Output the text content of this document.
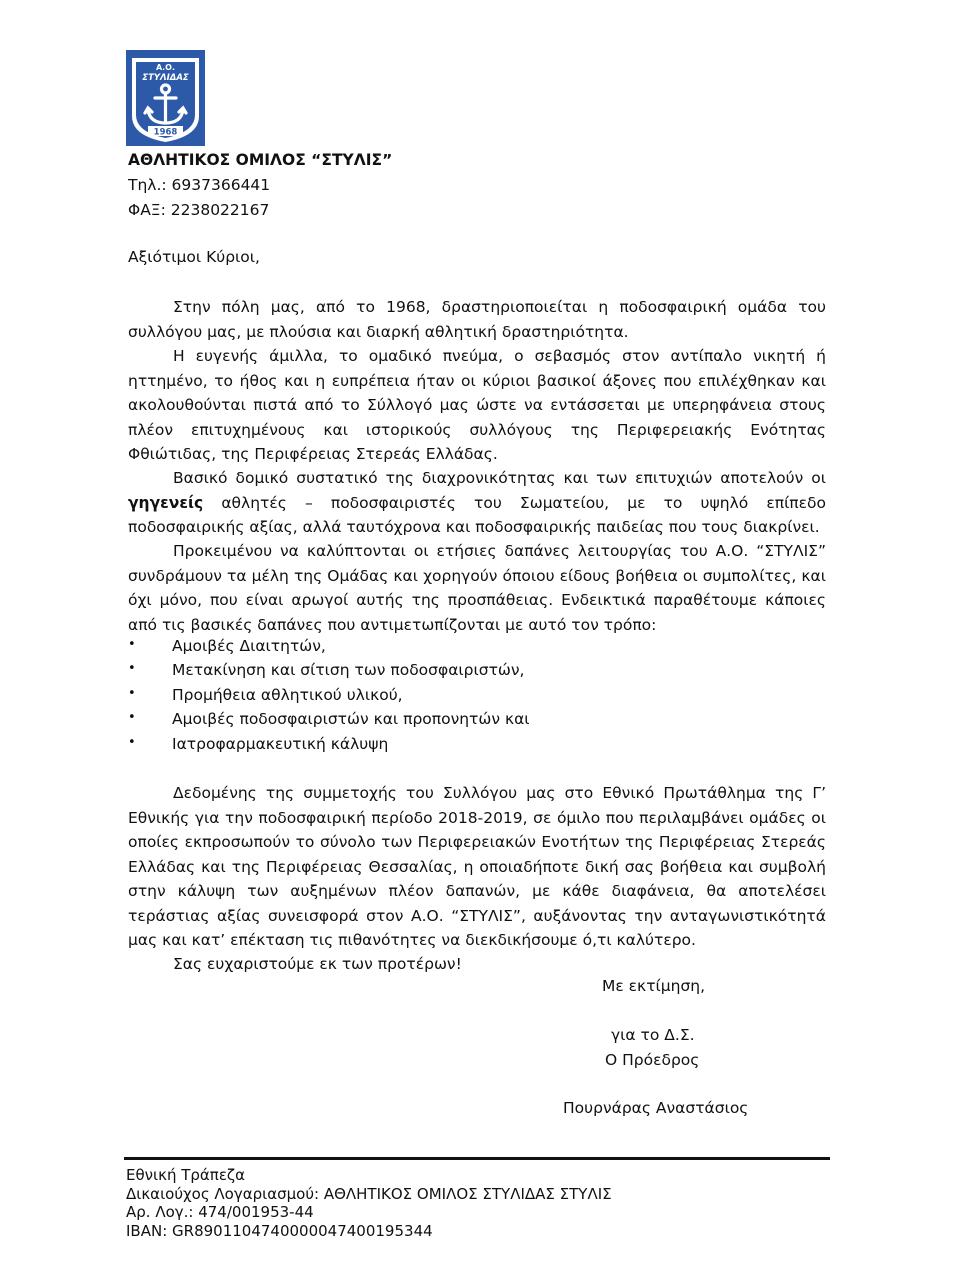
Α.Ο.
ΣΤΥΛΙΔΑΣ
1968
ΑΘΛΗΤΙΚΟΣ ΟΜΙΛΟΣ “ΣΤΥΛΙΣ”
Τηλ.: 6937366441
ΦΑΞ: 2238022167
Αξιότιμοι Κύριοι,
Στην πόλη μας, από το 1968, δραστηριοποιείται η ποδοσφαιρική ομάδα του συλλόγου μας, με πλούσια και διαρκή αθλητική δραστηριότητα.
Η ευγενής άμιλλα, το ομαδικό πνεύμα, ο σεβασμός στον αντίπαλο νικητή ή ηττημένο, το ήθος και η ευπρέπεια ήταν οι κύριοι βασικοί άξονες που επιλέχθηκαν και ακολουθούνται πιστά από το Σύλλογό μας ώστε να εντάσσεται με υπερηφάνεια στους πλέον επιτυχημένους και ιστορικούς συλλόγους της Περιφερειακής Ενότητας Φθιώτιδας, της Περιφέρειας Στερεάς Ελλάδας.
Βασικό δομικό συστατικό της διαχρονικότητας και των επιτυχιών αποτελούν οι γηγενείς αθλητές – ποδοσφαιριστές του Σωματείου, με το υψηλό επίπεδο ποδοσφαιρικής αξίας, αλλά ταυτόχρονα και ποδοσφαιρικής παιδείας που τους διακρίνει.
Προκειμένου να καλύπτονται οι ετήσιες δαπάνες λειτουργίας του Α.Ο. “ΣΤΥΛΙΣ” συνδράμουν τα μέλη της Ομάδας και χορηγούν όποιου είδους βοήθεια οι συμπολίτες, και όχι μόνο, που είναι αρωγοί αυτής της προσπάθειας. Ενδεικτικά παραθέτουμε κάποιες από τις βασικές δαπάνες που αντιμετωπίζονται με αυτό τον τρόπο:
• Αμοιβές Διαιτητών,
• Μετακίνηση και σίτιση των ποδοσφαιριστών,
• Προμήθεια αθλητικού υλικού,
• Αμοιβές ποδοσφαιριστών και προπονητών και
• Ιατροφαρμακευτική κάλυψη
Δεδομένης της συμμετοχής του Συλλόγου μας στο Εθνικό Πρωτάθλημα της Γ’ Εθνικής για την ποδοσφαιρική περίοδο 2018-2019, σε όμιλο που περιλαμβάνει ομάδες οι οποίες εκπροσωπούν το σύνολο των Περιφερειακών Ενοτήτων της Περιφέρειας Στερεάς Ελλάδας και της Περιφέρειας Θεσσαλίας, η οποιαδήποτε δική σας βοήθεια και συμβολή στην κάλυψη των αυξημένων πλέον δαπανών, με κάθε διαφάνεια, θα αποτελέσει τεράστιας αξίας συνεισφορά στον Α.Ο. “ΣΤΥΛΙΣ”, αυξάνοντας την ανταγωνιστικότητά μας και κατ’ επέκταση τις πιθανότητες να διεκδικήσουμε ό,τι καλύτερο.
Σας ευχαριστούμε εκ των προτέρων!
Με εκτίμηση,
για το Δ.Σ.
Ο Πρόεδρος
Πουρνάρας Αναστάσιος
Εθνική Τράπεζα
Δικαιούχος Λογαριασμού: ΑΘΛΗΤΙΚΟΣ ΟΜΙΛΟΣ ΣΤΥΛΙΔΑΣ ΣΤΥΛΙΣ
Αρ. Λογ.: 474/001953-44
IBAN: GR8901104740000047400195344
